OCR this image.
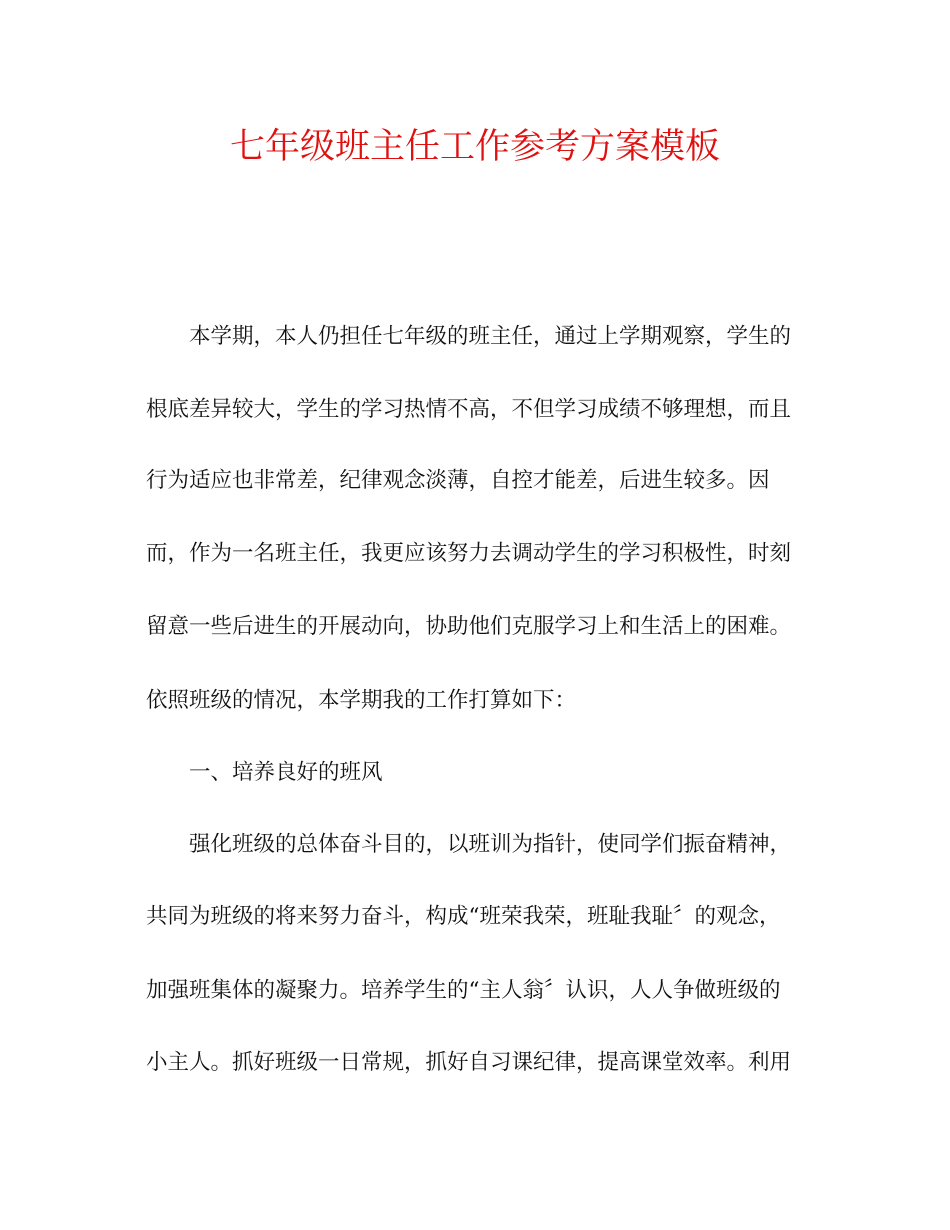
七年级班主任工作参考方案模板
　　本学期，本人仍担任七年级的班主任，通过上学期观察，学生的
根底差异较大，学生的学习热情不高，不但学习成绩不够理想，而且
行为适应也非常差，纪律观念淡薄，自控才能差，后进生较多。因
而，作为一名班主任，我更应该努力去调动学生的学习积极性，时刻
留意一些后进生的开展动向，协助他们克服学习上和生活上的困难。
依照班级的情况，本学期我的工作打算如下：
　　一、培养良好的班风
　　强化班级的总体奋斗目的，以班训为指针，使同学们振奋精神，
共同为班级的将来努力奋斗，构成“班荣我荣，班耻我耻〞的观念，
加强班集体的凝聚力。培养学生的“主人翁〞认识，人人争做班级的
小主人。抓好班级一日常规，抓好自习课纪律，提高课堂效率。利用
